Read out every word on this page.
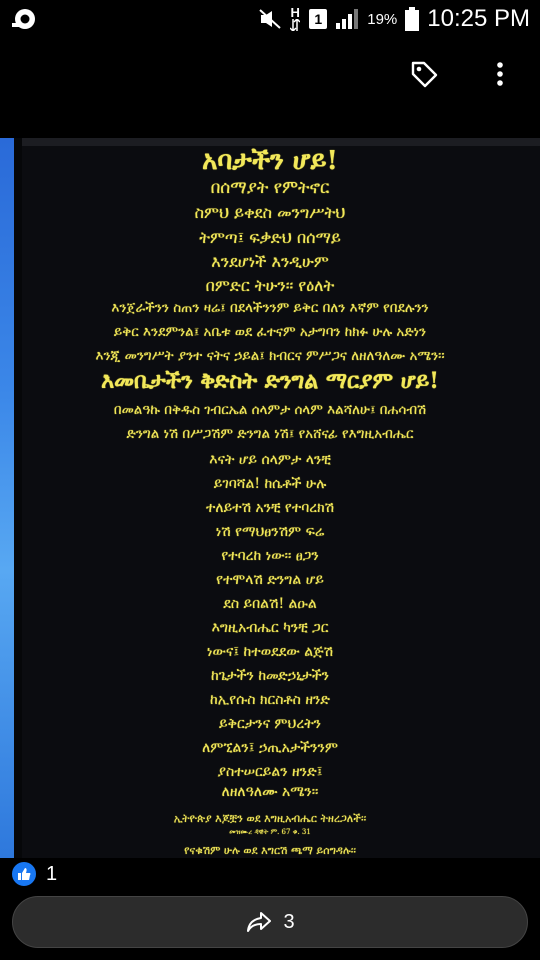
H	1	19% 10:25 PM
አባታችን ሆይ!
በሰማያት የምትኖር
ስምህ ይቀደስ መንግሥትህ
ትምጣ፤ ፍቃድህ በሰማይ
እንደሆነች እንዲሁም
በምድር ትሁን፡፡ የዕለት
እንጀራችንን ስጠን ዛሬ፤ በደላችንንም ይቅር በለን እኛም የበደሉንን
ይቅር እንደምንል፤ አቤቱ ወደ ፈተናም አታግባን ከክፉ ሁሉ አድነን
እንጂ መንግሥት ያንተ ናትና ኃይል፤ ክብርና ምሥጋና ለዘለዓለሙ አሜን፡፡
እመቤታችን ቅድስት ድንግል ማርያም ሆይ!
በመልዓኩ በቅዱስ ገብርኤል ሰላምታ ሰላም እልሻለሁ፤ በሐሳብሽ
ድንግል ነሽ በሥጋሽም ድንግል ነሽ፤ የአሸናፊ የእግዚአብሔር
እናት ሆይ ሰላምታ ላንቺ
ይገባሻል! ከሴቶች ሁሉ
ተለይተሽ አንቺ የተባረክሽ
ነሽ የማህፀንሽም ፍሬ
የተባረከ ነው፡፡ ፀጋን
የተሞላሽ ድንግል ሆይ
ደስ ይበልሽ! ልዑል
እግዚአብሔር ካንቺ ጋር
ነውና፤ ከተወደደው ልጅሽ
ከጌታችን ከመድኃኒታችን
ከኢየሱስ ክርስቶስ ዘንድ
ይቅርታንና ምህረትን
ለምኚልን፤ ኃጢአታችንንም
ያስተሠርይልን ዘንድ፤
ለዘለዓለሙ አሜን፡፡
ኢትዮጵያ እጆቿን ወደ እግዚአብሔር ትዘረጋለች፡፡
መዝሙረ ዳዊት ም. 67 ቁ. 31
የናቁሽም ሁሉ ወደ እግርሽ ጫማ ይሰግዳሉ፡፡
1
3
